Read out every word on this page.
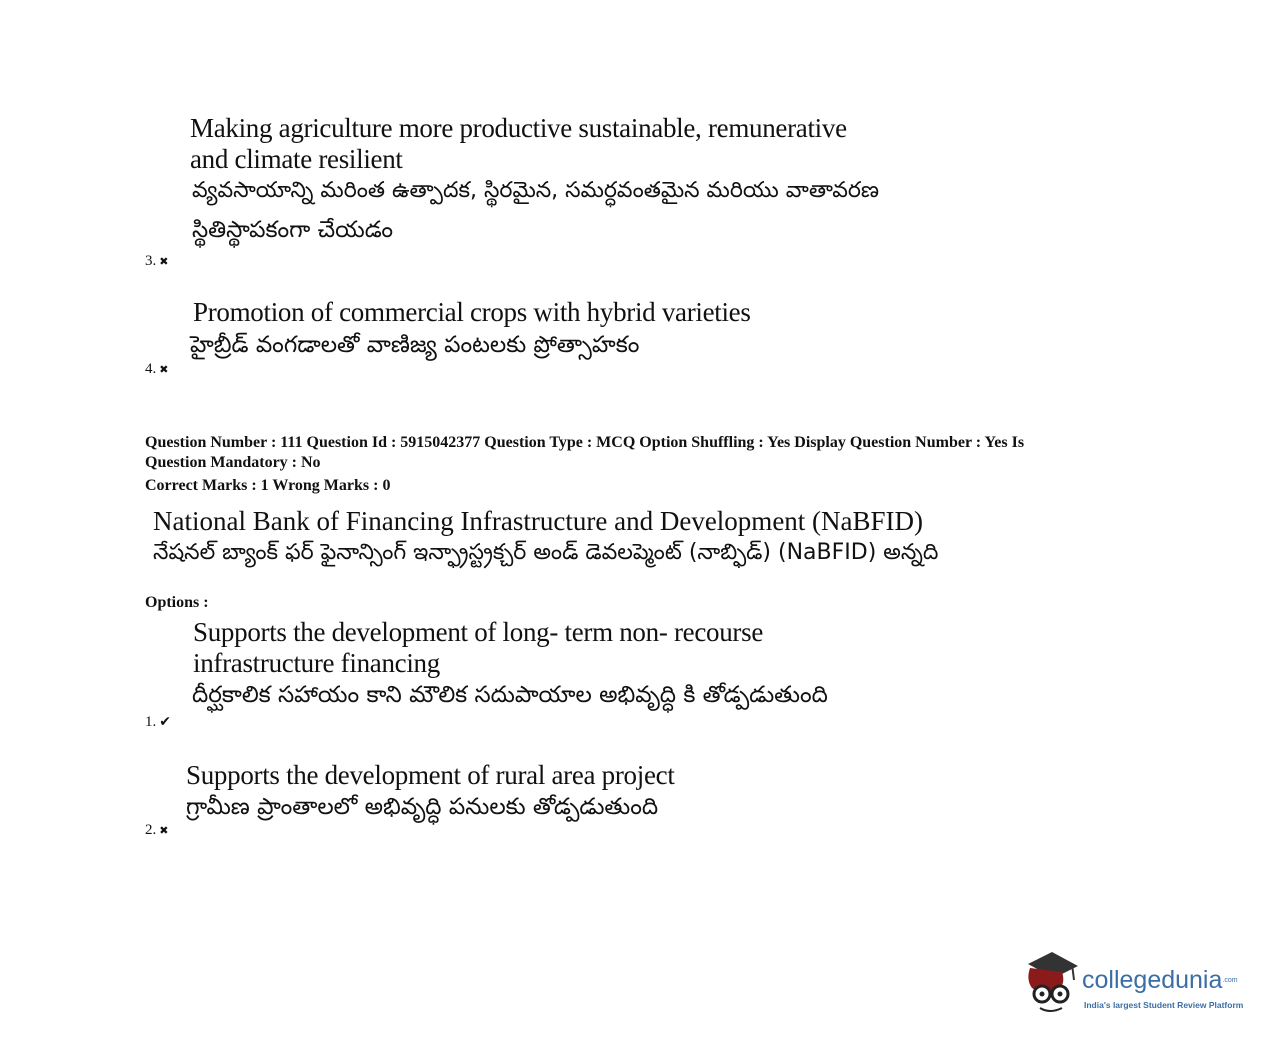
Making agriculture more productive sustainable, remunerative
and climate resilient
వ్యవసాయాన్ని మరింత ఉత్పాదక, స్థిరమైన, సమర్ధవంతమైన మరియు వాతావరణ
స్థితిస్థాపకంగా చేయడం
3. ✖
Promotion of commercial crops with hybrid varieties
హైబ్రీడ్ వంగడాలతో వాణిజ్య పంటలకు ప్రోత్సాహకం
4. ✖
Question Number : 111 Question Id : 5915042377 Question Type : MCQ Option Shuffling : Yes Display Question Number : Yes Is
Question Mandatory : No
Correct Marks : 1 Wrong Marks : 0
National Bank of Financing Infrastructure and Development (NaBFID)
నేషనల్ బ్యాంక్ ఫర్ ఫైనాన్సింగ్ ఇన్ఫ్రాస్ట్రక్చర్ అండ్ డెవలప్మెంట్ (నాబ్ఫిడ్) (NaBFID) అన్నది
Options :
Supports the development of long- term non- recourse
infrastructure financing
దీర్ఘకాలిక సహాయం కాని మౌలిక సదుపాయాల అభివృద్ధి కి తోడ్పడుతుంది
1. ✔
Supports the development of rural area project
గ్రామీణ ప్రాంతాలలో అభివృద్ధి పనులకు తోడ్పడుతుంది
2. ✖
collegedunia$^{.com}$
India's largest Student Review Platform
